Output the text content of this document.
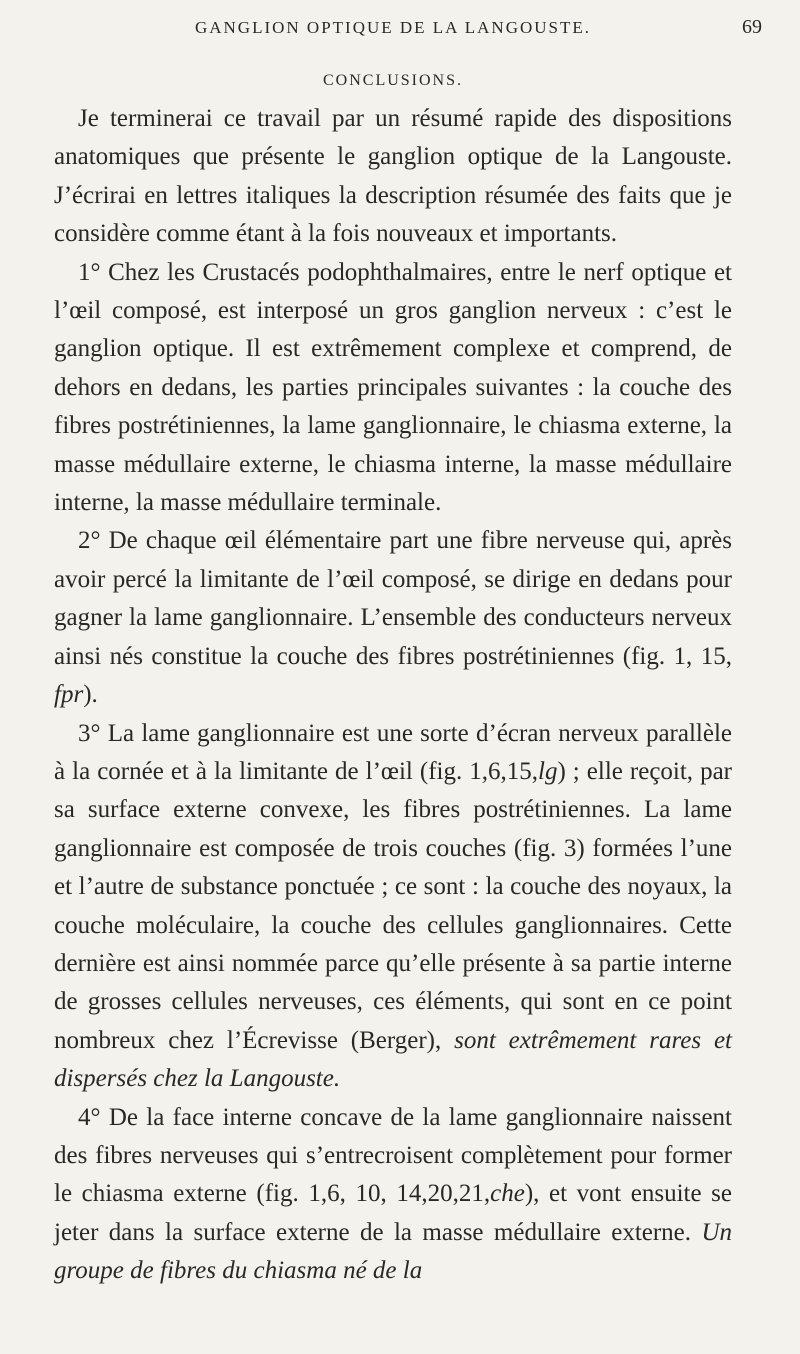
GANGLION OPTIQUE DE LA LANGOUSTE.	69
CONCLUSIONS.

Je terminerai ce travail par un résumé rapide des dispositions anatomiques que présente le ganglion optique de la Langouste. J’écrirai en lettres italiques la description résumée des faits que je considère comme étant à la fois nouveaux et importants.

1° Chez les Crustacés podophthalmaires, entre le nerf optique et l’œil composé, est interposé un gros ganglion nerveux : c’est le ganglion optique. Il est extrêmement complexe et comprend, de dehors en dedans, les parties principales suivantes : la couche des fibres postrétiniennes, la lame ganglionnaire, le chiasma externe, la masse médullaire externe, le chiasma interne, la masse médullaire interne, la masse médullaire terminale.

2° De chaque œil élémentaire part une fibre nerveuse qui, après avoir percé la limitante de l’œil composé, se dirige en dedans pour gagner la lame ganglionnaire. L’ensemble des conducteurs nerveux ainsi nés constitue la couche des fibres postrétiniennes (fig. 1, 15, fpr).

3° La lame ganglionnaire est une sorte d’écran nerveux parallèle à la cornée et à la limitante de l’œil (fig. 1,6,15,lg) ; elle reçoit, par sa surface externe convexe, les fibres postrétiniennes. La lame ganglionnaire est composée de trois couches (fig. 3) formées l’une et l’autre de substance ponctuée ; ce sont : la couche des noyaux, la couche moléculaire, la couche des cellules ganglionnaires. Cette dernière est ainsi nommée parce qu’elle présente à sa partie interne de grosses cellules nerveuses, ces éléments, qui sont en ce point nombreux chez l’Écrevisse (Berger), sont extrêmement rares et dispersés chez la Langouste.

4° De la face interne concave de la lame ganglionnaire naissent des fibres nerveuses qui s’entrecroisent complètement pour former le chiasma externe (fig. 1,6, 10, 14,20,21,che), et vont ensuite se jeter dans la surface externe de la masse médullaire externe. Un groupe de fibres du chiasma né de la
